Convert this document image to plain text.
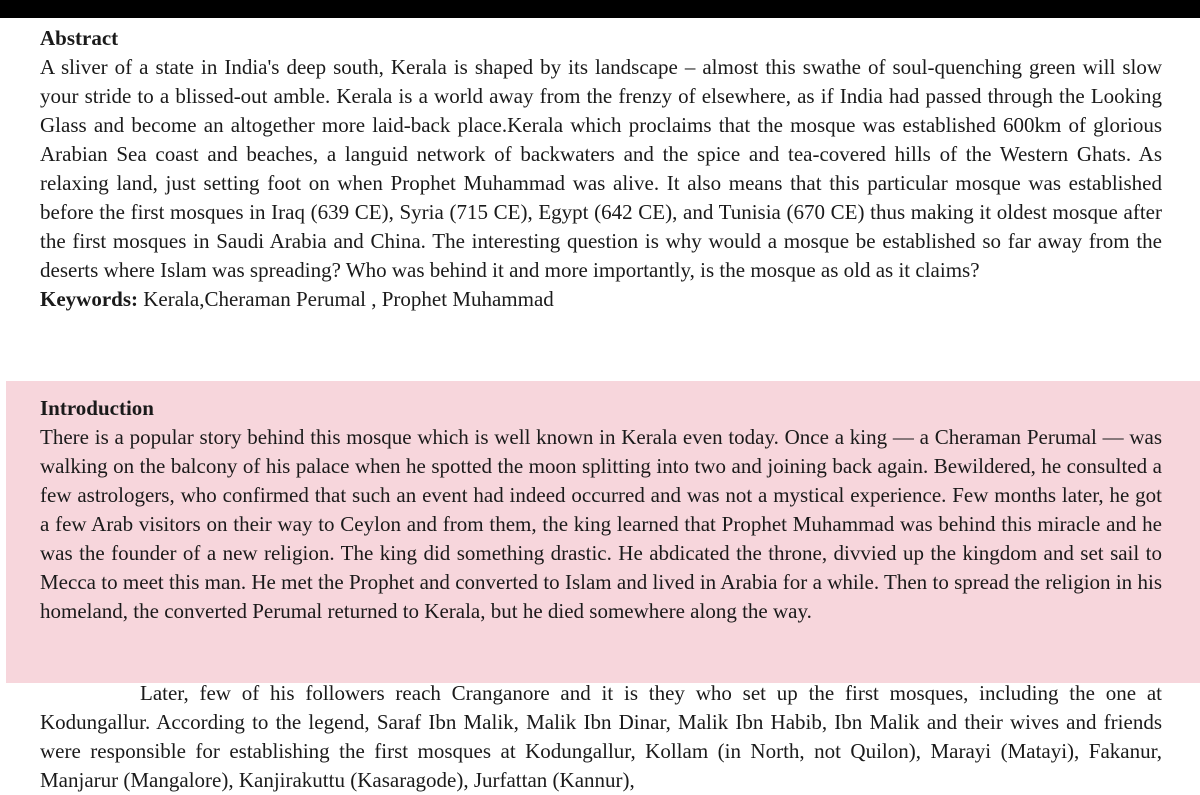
Abstract

A sliver of a state in India's deep south, Kerala is shaped by its landscape – almost this swathe of soul-quenching green will slow your stride to a blissed-out amble. Kerala is a world away from the frenzy of elsewhere, as if India had passed through the Looking Glass and become an altogether more laid-back place.Kerala which proclaims that the mosque was established 600km of glorious Arabian Sea coast and beaches, a languid network of backwaters and the spice and tea-covered hills of the Western Ghats. As relaxing land, just setting foot on when Prophet Muhammad was alive. It also means that this particular mosque was established before the first mosques in Iraq (639 CE), Syria (715 CE), Egypt (642 CE), and Tunisia (670 CE) thus making it oldest mosque after the first mosques in Saudi Arabia and China. The interesting question is why would a mosque be established so far away from the deserts where Islam was spreading? Who was behind it and more importantly, is the mosque as old as it claims?

Keywords: Kerala,Cheraman Perumal , Prophet Muhammad

Introduction

There is a popular story behind this mosque which is well known in Kerala even today. Once a king — a Cheraman Perumal — was walking on the balcony of his palace when he spotted the moon splitting into two and joining back again. Bewildered, he consulted a few astrologers, who confirmed that such an event had indeed occurred and was not a mystical experience. Few months later, he got a few Arab visitors on their way to Ceylon and from them, the king learned that Prophet Muhammad was behind this miracle and he was the founder of a new religion. The king did something drastic. He abdicated the throne, divvied up the kingdom and set sail to Mecca to meet this man. He met the Prophet and converted to Islam and lived in Arabia for a while. Then to spread the religion in his homeland, the converted Perumal returned to Kerala, but he died somewhere along the way.

Later, few of his followers reach Cranganore and it is they who set up the first mosques, including the one at Kodungallur. According to the legend, Saraf Ibn Malik, Malik Ibn Dinar, Malik Ibn Habib, Ibn Malik and their wives and friends were responsible for establishing the first mosques at Kodungallur, Kollam (in North, not Quilon), Marayi (Matayi), Fakanur, Manjarur (Mangalore), Kanjirakuttu (Kasaragode), Jurfattan (Kannur),
